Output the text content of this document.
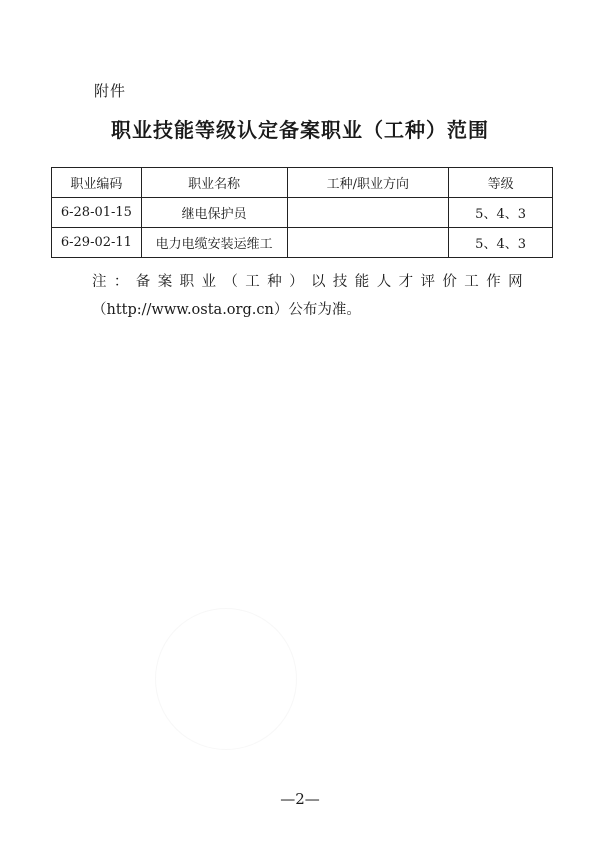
附件
职业技能等级认定备案职业（工种）范围
职业编码	职业名称	工种/职业方向	等级
6-28-01-15	继电保护员		5、4、3
6-29-02-11	电力电缆安装运维工		5、4、3
注：备案职业（工种）以技能人才评价工作网
（http://www.osta.org.cn）公布为准。
—2—
